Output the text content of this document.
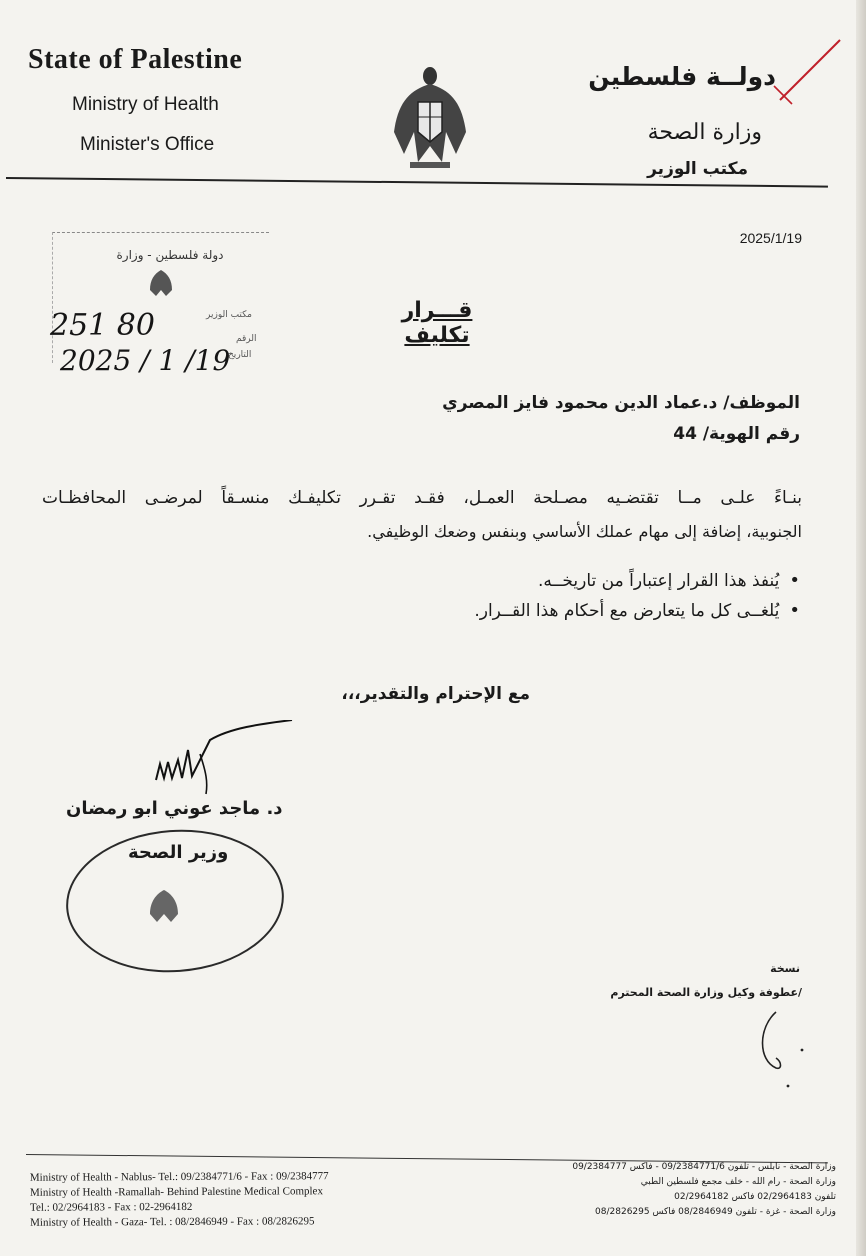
State of Palestine
Ministry of Health
Minister's Office
دولــة فلسطين
وزارة الصحة
مكتب الوزير
2025/1/19
دولة فلسطين - وزارة
مكتب الوزير
الرقم
التاريخ
251 80
2025 / 1 /19
قـــرار تكليف
الموظف/ د.عماد الدين محمود فايز المصري
رقم الهوية/ 44
بنـاءً علـى مــا تقتضـيه مصـلحة العمـل، فقـد تقـرر تكليفـك منسـقاً لمرضـى المحافظـات
الجنوبية، إضافة إلى مهام عملك الأساسي وبنفس وضعك الوظيفي.
• يُنفذ هذا القرار إعتباراً من تاريخــه.
• يُلغــى كل ما يتعارض مع أحكام هذا القــرار.
مع الإحترام والتقدير،،،
د. ماجد عوني ابو رمضان
وزير الصحة
نسخة
/عطوفة وكيل وزارة الصحة المحترم
Ministry of Health - Nablus- Tel.: 09/2384771/6 - Fax : 09/2384777
Ministry of Health -Ramallah- Behind Palestine Medical Complex
Tel.: 02/2964183 - Fax : 02-2964182
Ministry of Health - Gaza- Tel. : 08/2846949 - Fax : 08/2826295
وزارة الصحة - نابلس - تلفون 09/2384771/6 - فاكس 09/2384777
وزارة الصحة - رام الله - خلف مجمع فلسطين الطبي
تلفون 02/2964183 فاكس 02/2964182
وزارة الصحة - غزة - تلفون 08/2846949 فاكس 08/2826295
